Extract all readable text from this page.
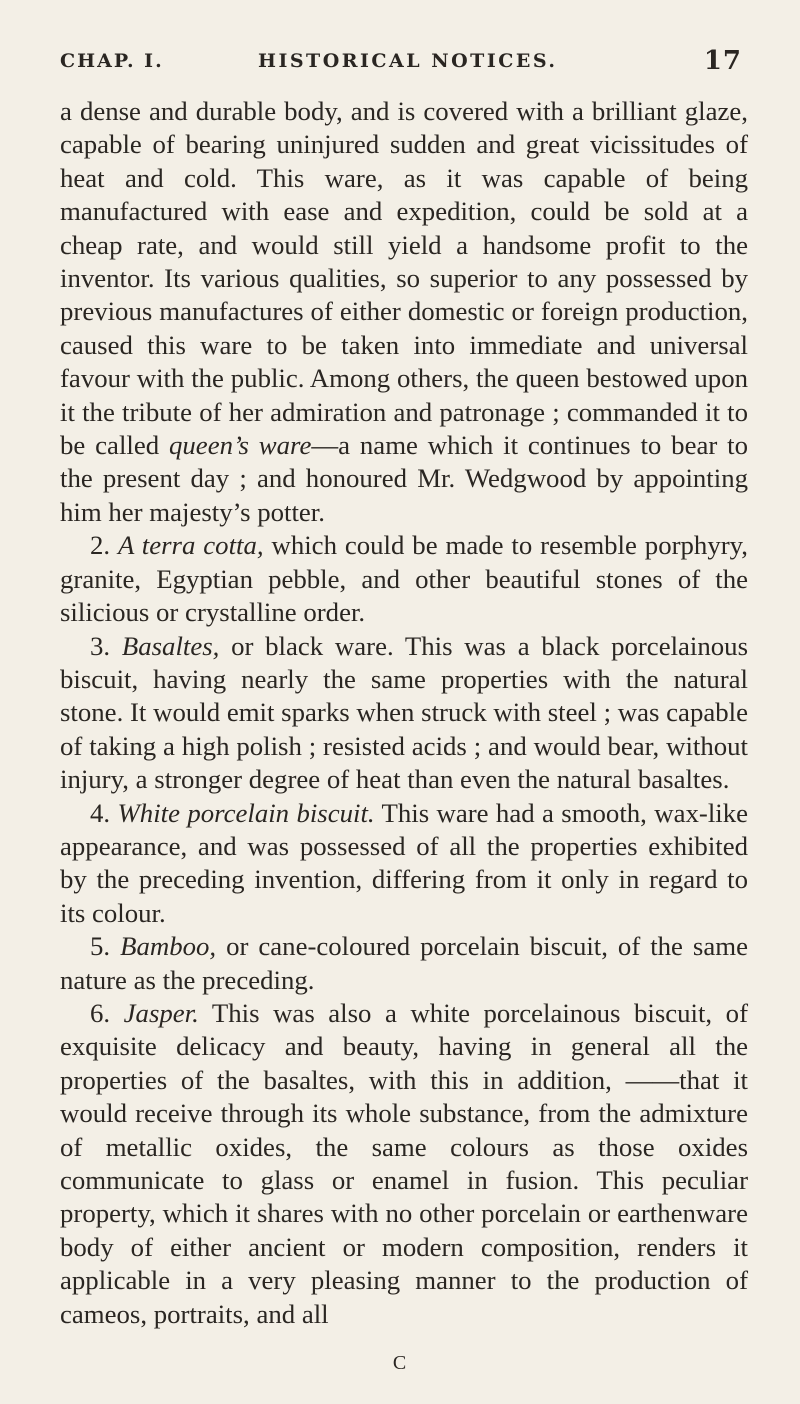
CHAP. I.	HISTORICAL NOTICES.	17

a dense and durable body, and is covered with a brilliant glaze, capable of bearing uninjured sudden and great vicissitudes of heat and cold. This ware, as it was capable of being manufactured with ease and expedition, could be sold at a cheap rate, and would still yield a handsome profit to the inventor. Its various qualities, so superior to any possessed by previous manufactures of either domestic or foreign production, caused this ware to be taken into immediate and universal favour with the public. Among others, the queen bestowed upon it the tribute of her admiration and patronage ; commanded it to be called queen’s ware—a name which it continues to bear to the present day ; and honoured Mr. Wedgwood by appointing him her majesty’s potter.

2. A terra cotta, which could be made to resemble porphyry, granite, Egyptian pebble, and other beautiful stones of the silicious or crystalline order.

3. Basaltes, or black ware. This was a black porcelainous biscuit, having nearly the same properties with the natural stone. It would emit sparks when struck with steel ; was capable of taking a high polish ; resisted acids ; and would bear, without injury, a stronger degree of heat than even the natural basaltes.

4. White porcelain biscuit. This ware had a smooth, wax-like appearance, and was possessed of all the properties exhibited by the preceding invention, differing from it only in regard to its colour.

5. Bamboo, or cane-coloured porcelain biscuit, of the same nature as the preceding.

6. Jasper. This was also a white porcelainous biscuit, of exquisite delicacy and beauty, having in general all the properties of the basaltes, with this in addition, ——that it would receive through its whole substance, from the admixture of metallic oxides, the same colours as those oxides communicate to glass or enamel in fusion. This peculiar property, which it shares with no other porcelain or earthenware body of either ancient or modern composition, renders it applicable in a very pleasing manner to the production of cameos, portraits, and all

C
